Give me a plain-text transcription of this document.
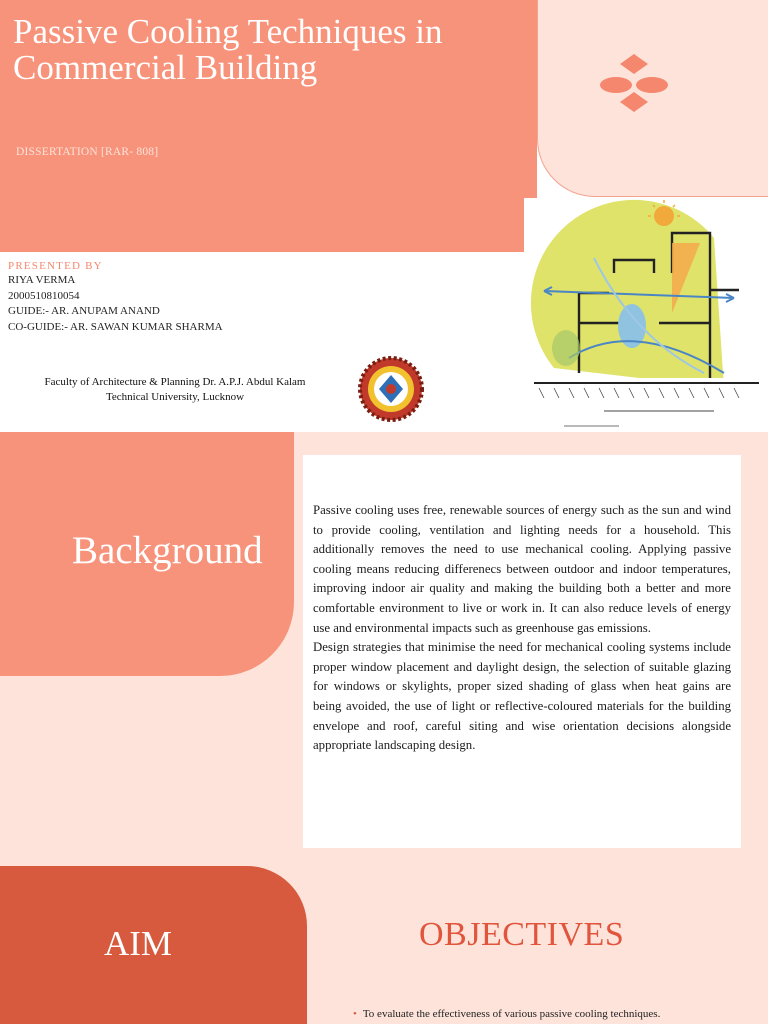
Passive Cooling Techniques in Commercial Building
DISSERTATION [RAR- 808]
PRESENTED BY
RIYA VERMA
2000510810054
GUIDE:- AR. ANUPAM ANAND
CO-GUIDE:- AR. SAWAN KUMAR SHARMA
Faculty of Architecture & Planning Dr. A.P.J. Abdul Kalam
Technical University, Lucknow
Background

Passive cooling uses free, renewable sources of energy such as the sun and wind to provide cooling, ventilation and lighting needs for a household. This additionally removes the need to use mechanical cooling. Applying passive cooling means reducing differenecs between outdoor and indoor temperatures, improving indoor air quality and making the building both a better and more comfortable environment to live or work in. It can also reduce levels of energy use and environmental impacts such as greenhouse gas emissions.

Design strategies that minimise the need for mechanical cooling systems include proper window placement and daylight design, the selection of suitable glazing for windows or skylights, proper sized shading of glass when heat gains are being avoided, the use of light or reflective-coloured materials for the building envelope and roof, careful siting and wise orientation decisions alongside appropriate landscaping design.

AIM	OBJECTIVES
• To evaluate the effectiveness of various passive cooling techniques.
